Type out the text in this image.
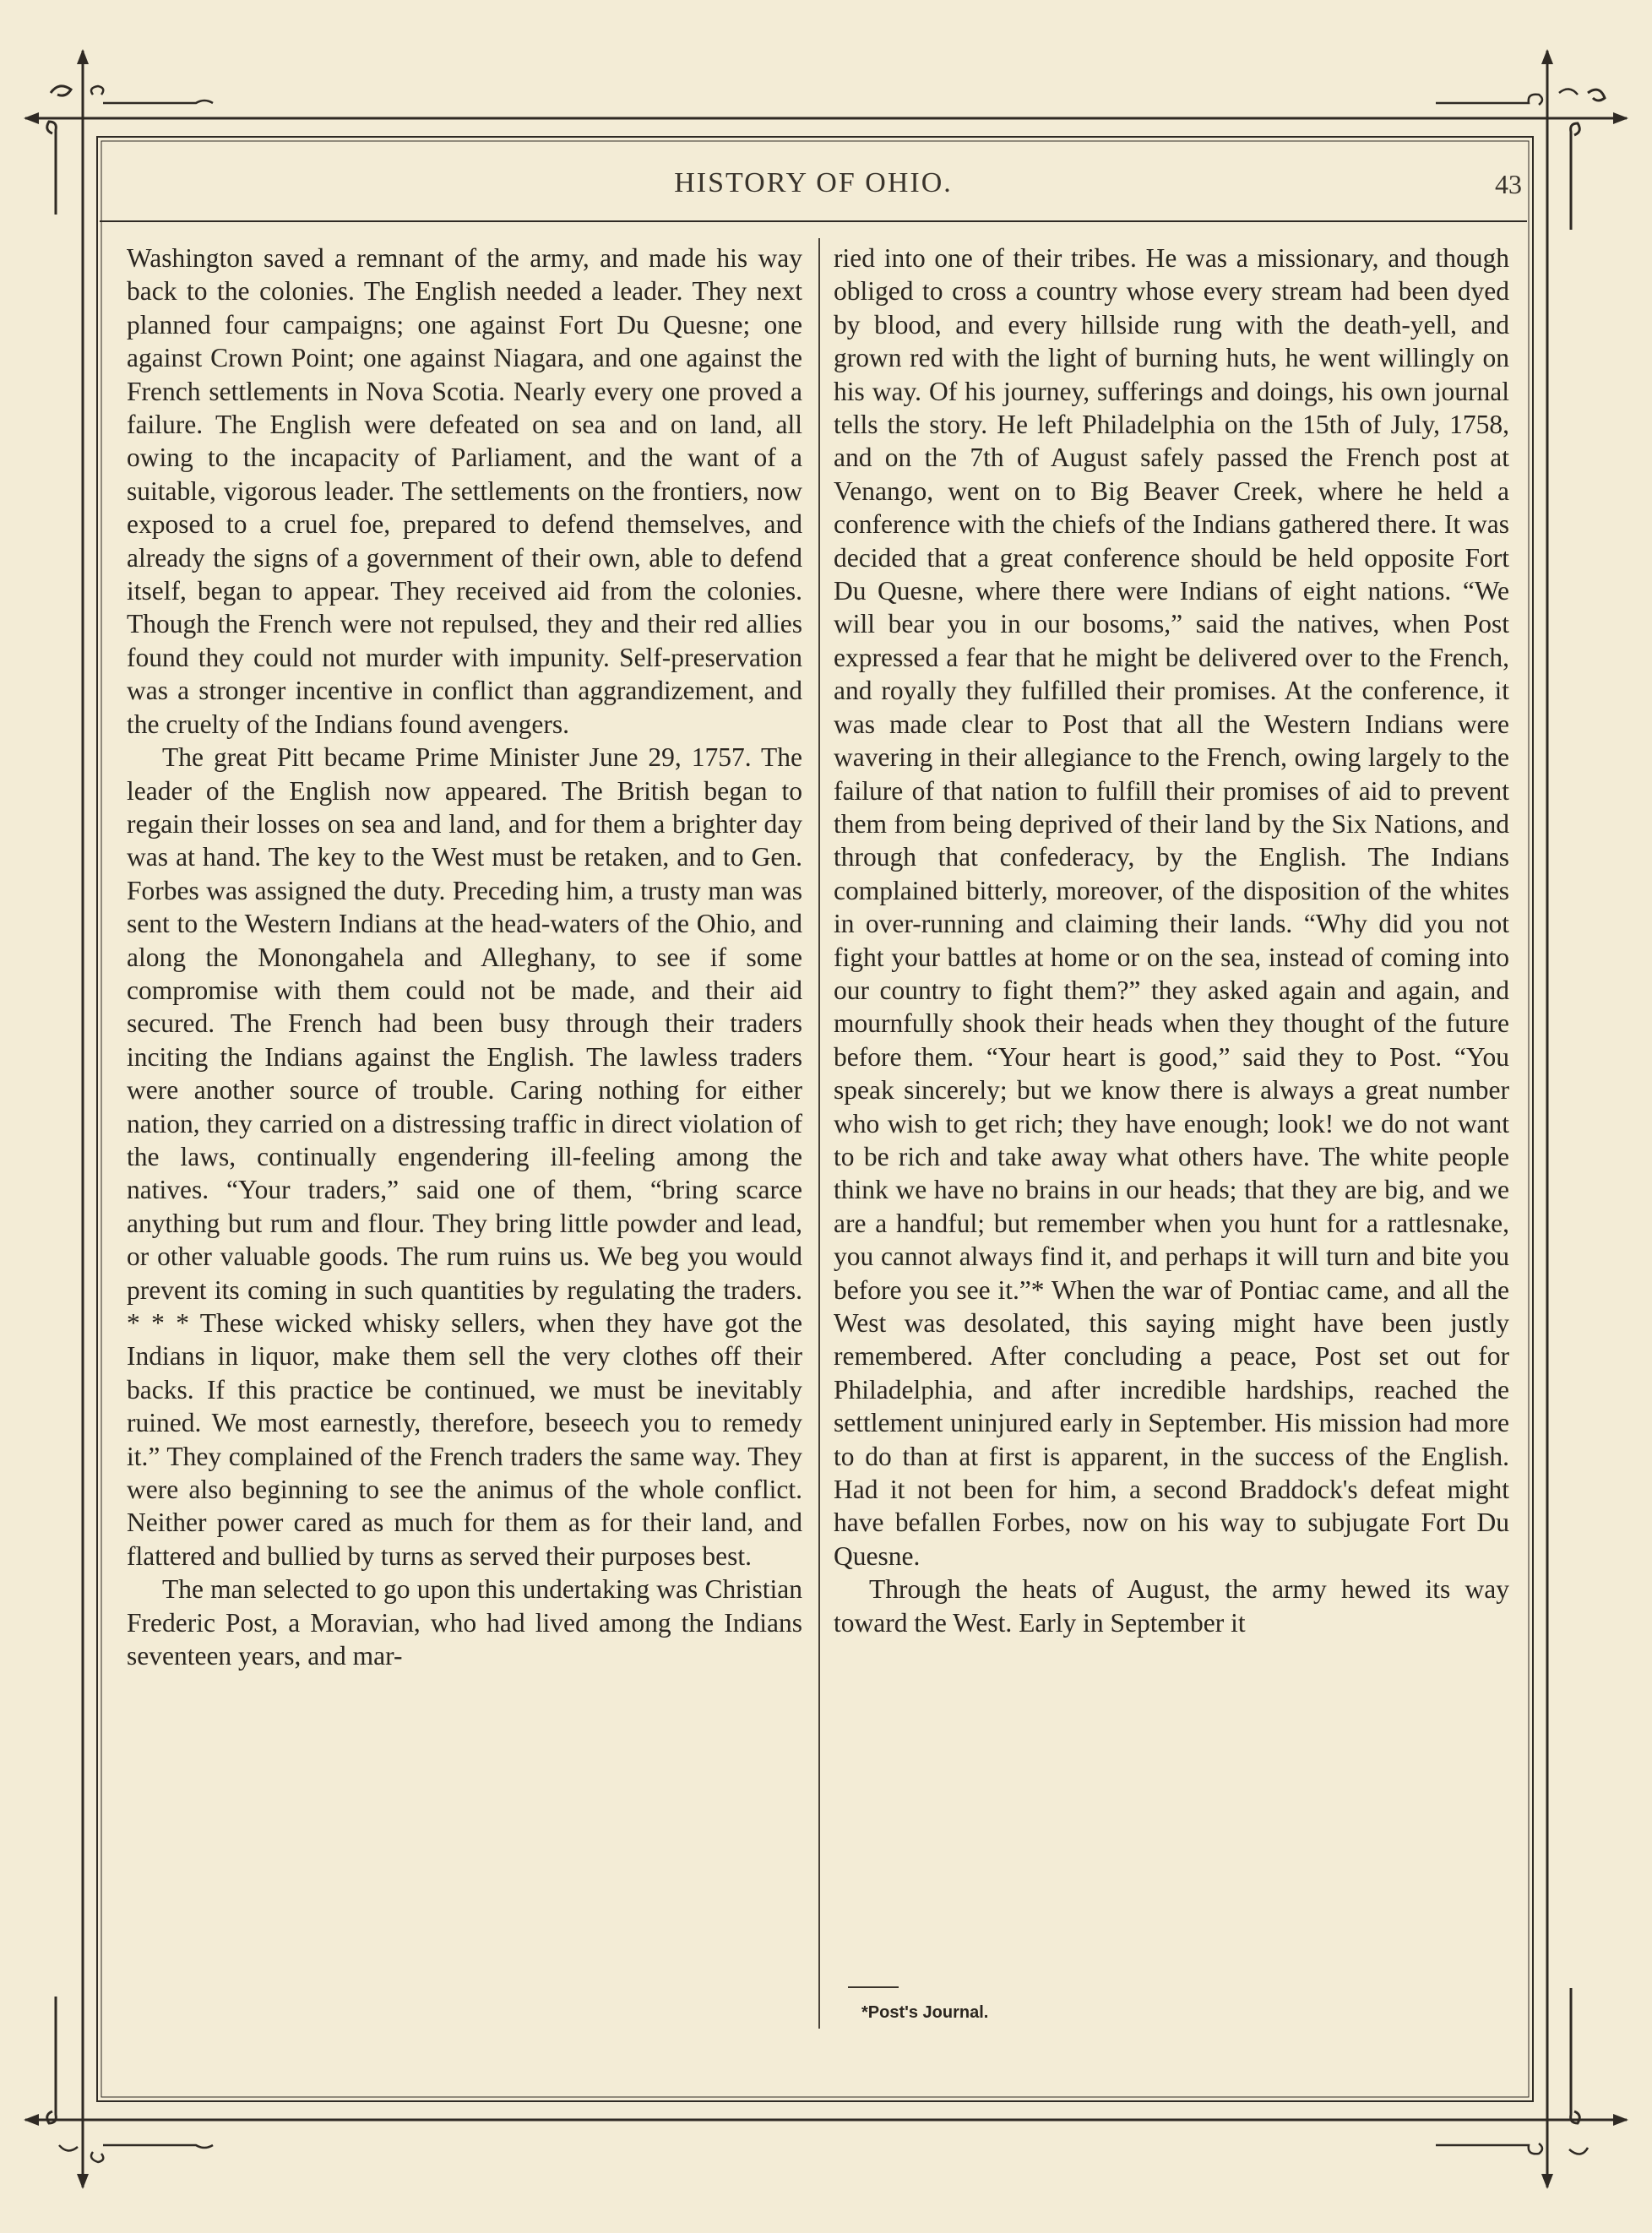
HISTORY OF OHIO.	43

Washington saved a remnant of the army, and made his way back to the colonies. The English needed a leader. They next planned four campaigns; one against Fort Du Quesne; one against Crown Point; one against Niagara, and one against the French settlements in Nova Scotia. Nearly every one proved a failure. The English were defeated on sea and on land, all owing to the incapacity of Parliament, and the want of a suitable, vigorous leader. The settlements on the frontiers, now exposed to a cruel foe, prepared to defend themselves, and already the signs of a government of their own, able to defend itself, began to appear. They received aid from the colonies. Though the French were not repulsed, they and their red allies found they could not murder with impunity. Self-preservation was a stronger incentive in conflict than aggrandizement, and the cruelty of the Indians found avengers.

The great Pitt became Prime Minister June 29, 1757. The leader of the English now appeared. The British began to regain their losses on sea and land, and for them a brighter day was at hand. The key to the West must be retaken, and to Gen. Forbes was assigned the duty. Preceding him, a trusty man was sent to the Western Indians at the head-waters of the Ohio, and along the Monongahela and Alleghany, to see if some compromise with them could not be made, and their aid secured. The French had been busy through their traders inciting the Indians against the English. The lawless traders were another source of trouble. Caring nothing for either nation, they carried on a distressing traffic in direct violation of the laws, continually engendering ill-feeling among the natives. “Your traders,” said one of them, “bring scarce anything but rum and flour. They bring little powder and lead, or other valuable goods. The rum ruins us. We beg you would prevent its coming in such quantities by regulating the traders. * * * These wicked whisky sellers, when they have got the Indians in liquor, make them sell the very clothes off their backs. If this practice be continued, we must be inevitably ruined. We most earnestly, therefore, beseech you to remedy it.” They complained of the French traders the same way. They were also beginning to see the animus of the whole conflict. Neither power cared as much for them as for their land, and flattered and bullied by turns as served their purposes best.

The man selected to go upon this undertaking was Christian Frederic Post, a Moravian, who had lived among the Indians seventeen years, and mar-

ried into one of their tribes. He was a missionary, and though obliged to cross a country whose every stream had been dyed by blood, and every hillside rung with the death-yell, and grown red with the light of burning huts, he went willingly on his way. Of his journey, sufferings and doings, his own journal tells the story. He left Philadelphia on the 15th of July, 1758, and on the 7th of August safely passed the French post at Venango, went on to Big Beaver Creek, where he held a conference with the chiefs of the Indians gathered there. It was decided that a great conference should be held opposite Fort Du Quesne, where there were Indians of eight nations. “We will bear you in our bosoms,” said the natives, when Post expressed a fear that he might be delivered over to the French, and royally they fulfilled their promises. At the conference, it was made clear to Post that all the Western Indians were wavering in their allegiance to the French, owing largely to the failure of that nation to fulfill their promises of aid to prevent them from being deprived of their land by the Six Nations, and through that confederacy, by the English. The Indians complained bitterly, moreover, of the disposition of the whites in over-running and claiming their lands. “Why did you not fight your battles at home or on the sea, instead of coming into our country to fight them?” they asked again and again, and mournfully shook their heads when they thought of the future before them. “Your heart is good,” said they to Post. “You speak sincerely; but we know there is always a great number who wish to get rich; they have enough; look! we do not want to be rich and take away what others have. The white people think we have no brains in our heads; that they are big, and we are a handful; but remember when you hunt for a rattlesnake, you cannot always find it, and perhaps it will turn and bite you before you see it.”* When the war of Pontiac came, and all the West was desolated, this saying might have been justly remembered. After concluding a peace, Post set out for Philadelphia, and after incredible hardships, reached the settlement uninjured early in September. His mission had more to do than at first is apparent, in the success of the English. Had it not been for him, a second Braddock's defeat might have befallen Forbes, now on his way to subjugate Fort Du Quesne.

Through the heats of August, the army hewed its way toward the West. Early in September it

*Post's Journal.
